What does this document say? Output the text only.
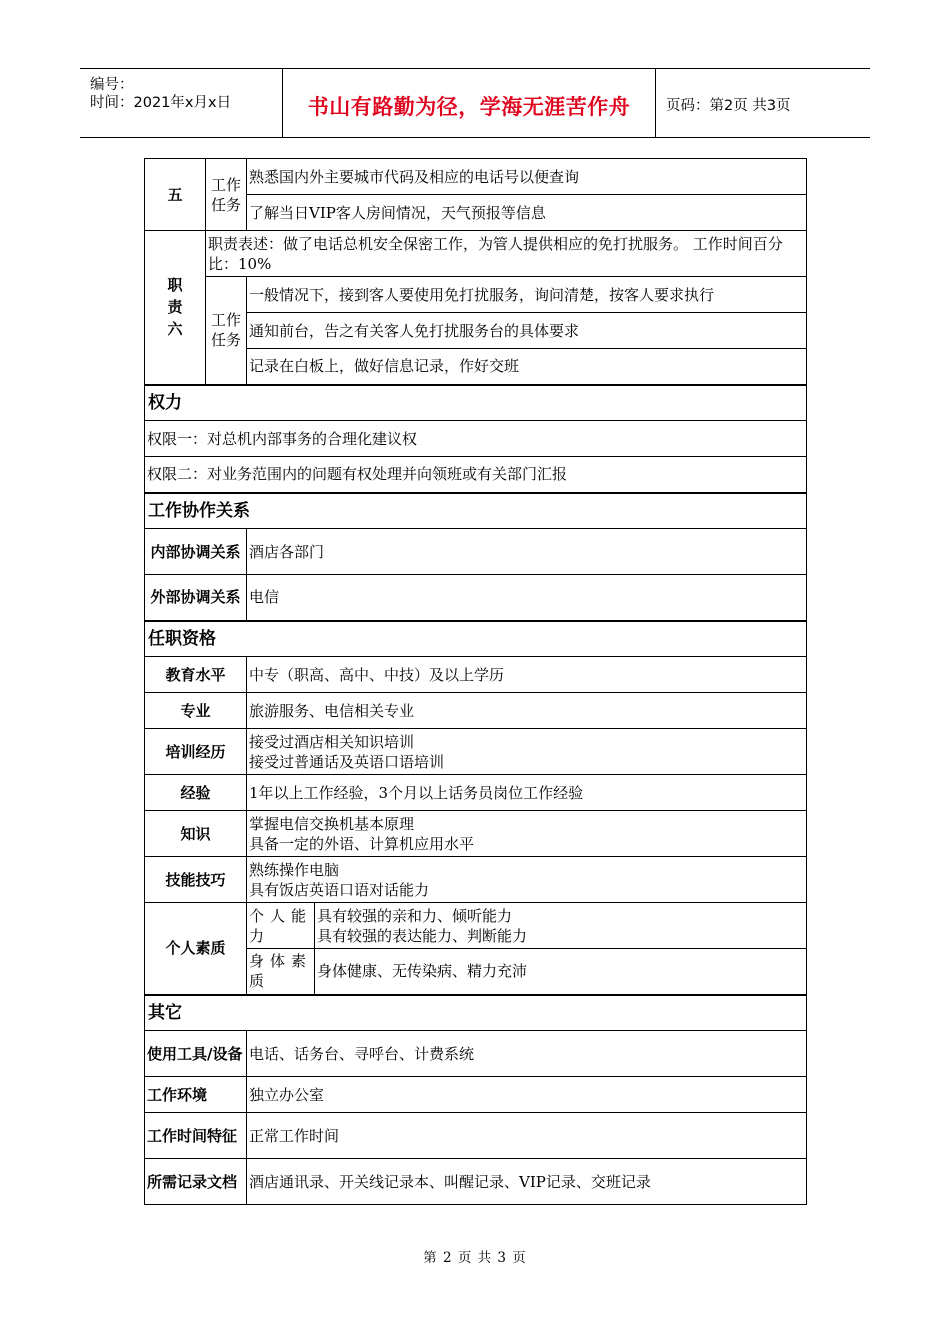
编号：
时间：2021年x月x日	书山有路勤为径，学海无涯苦作舟	页码：第2页 共3页
五	工作任务	熟悉国内外主要城市代码及相应的电话号以便查询	
		了解当日VIP客人房间情况，天气预报等信息	

职
责
六	职责表述：做了电话总机安全保密工作，为管人提供相应的免打扰服务。 工作时间百分比：10%		
	工作任务	一般情况下，接到客人要使用免打扰服务，询问清楚，按客人要求执行	
		通知前台，告之有关客人免打扰服务台的具体要求	
		记录在白板上，做好信息记录，作好交班	
权力			
权限一：对总机内部事务的合理化建议权			
权限二：对业务范围内的问题有权处理并向领班或有关部门汇报			
工作协作关系			
内部协调关系		酒店各部门	
外部协调关系		电信	
任职资格			
教育水平		中专（职高、高中、中技）及以上学历	
专业		旅游服务、电信相关专业	
培训经历		接受过酒店相关知识培训
接受过普通话及英语口语培训	

经验		1年以上工作经验，3个月以上话务员岗位工作经验	
知识		掌握电信交换机基本原理
具备一定的外语、计算机应用水平	

技能技巧		熟练操作电脑
具有饭店英语口语对话能力	

个人素质		个人能力	具有较强的亲和力、倾听能力
具有较强的表达能力、判断能力

		身体素质	身体健康、无传染病、精力充沛
其它			
使用工具/设备		电话、话务台、寻呼台、计费系统	
工作环境		独立办公室	
工作时间特征		正常工作时间	
所需记录文档		酒店通讯录、开关线记录本、叫醒记录、VIP记录、交班记录	
第 2 页 共 3 页
